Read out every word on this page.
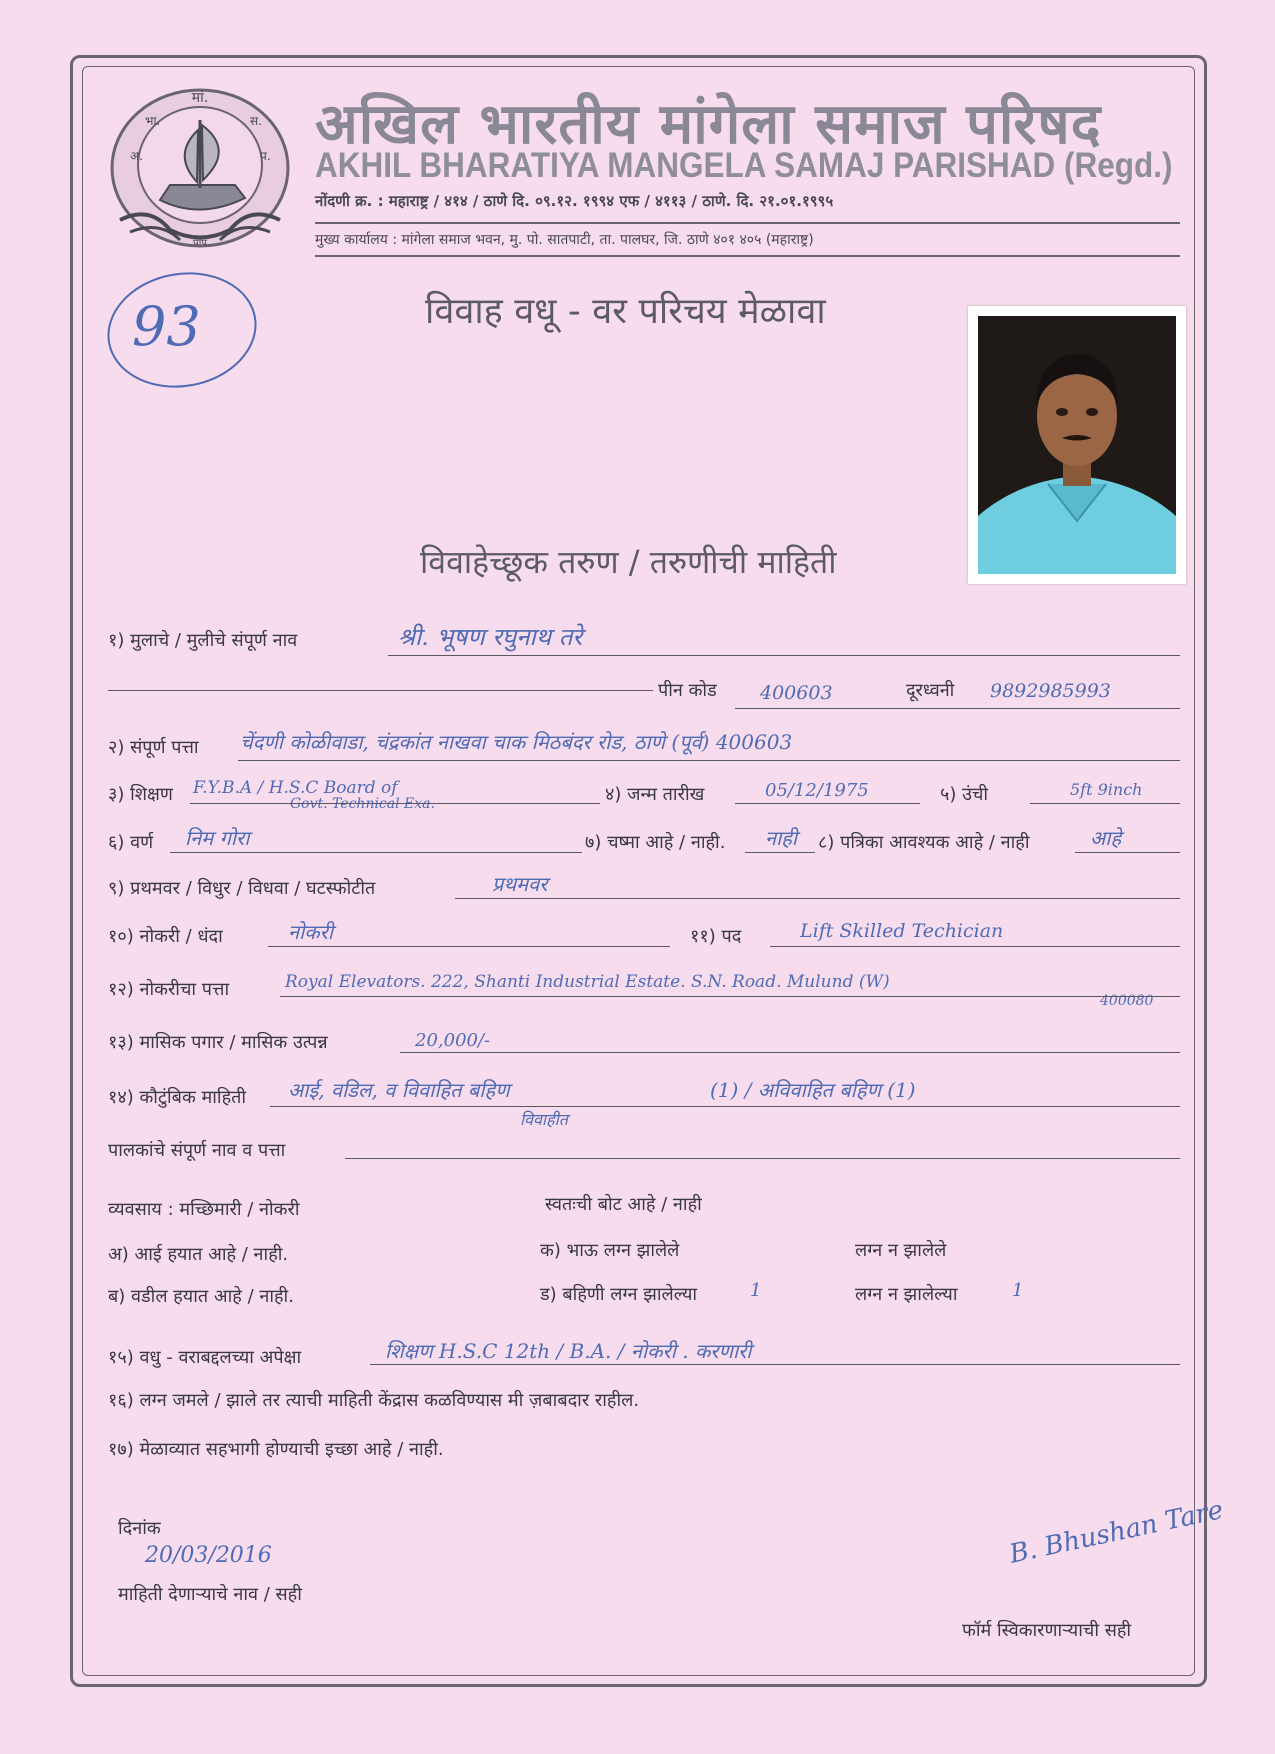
मां.
अ.
भा.	स.
प.
पाप
अखिल भारतीय मांगेला समाज परिषद
AKHIL BHARATIYA MANGELA SAMAJ PARISHAD (Regd.)
नोंदणी क्र. : महाराष्ट्र / ४१४ / ठाणे दि. ०९.१२. १९९४ एफ / ४११३ / ठाणे. दि. २१.०१.१९९५
मुख्य कार्यालय : मांगेला समाज भवन, मु. पो. सातपाटी, ता. पालघर, जि. ठाणे ४०१ ४०५ (महाराष्ट्र)
93	विवाह वधू - वर परिचय मेळावा
विवाहेच्छूक तरुण / तरुणीची माहिती
१) मुलाचे / मुलीचे संपूर्ण नाव	श्री. भूषण रघुनाथ तरे
पीन कोड 400603	दूरध्वनी 9892985993
२) संपूर्ण पत्ता चेंदणी कोळीवाडा, चंद्रकांत नाखवा चाक मिठबंदर रोड, ठाणे (पूर्व) 400603
३) शिक्षण F.Y.B.A / H.S.C Board of
Govt. Technical Exa.	४) जन्म तारीख	05/12/1975	५) उंची	5ft 9inch
६) वर्ण निम गोरा	७) चष्मा आहे / नाही. नाही ८) पत्रिका आवश्यक आहे / नाही	आहे
९) प्रथमवर / विधुर / विधवा / घटस्फोटीत	प्रथमवर
१०) नोकरी / धंदा	नोकरी	११) पद	Lift Skilled Techician
१२) नोकरीचा पत्ता	Royal Elevators. 222, Shanti Industrial Estate. S.N. Road. Mulund (W)
400080
१३) मासिक पगार / मासिक उत्पन्न	20,000/-
१४) कौटुंबिक माहिती आई, वडिल, व विवाहित बहिण	(1) / अविवाहित बहिण (1)
विवाहीत
पालकांचे संपूर्ण नाव व पत्ता
व्यवसाय : मच्छिमारी / नोकरी	स्वतःची बोट आहे / नाही
अ) आई हयात आहे / नाही.	क) भाऊ लग्न झालेले	लग्न न झालेले
ब) वडील हयात आहे / नाही.	ड) बहिणी लग्न झालेल्या	1	लग्न न झालेल्या	1
१५) वधु - वराबद्दलच्या अपेक्षा	शिक्षण H.S.C 12th / B.A. / नोकरी . करणारी
१६) लग्न जमले / झाले तर त्याची माहिती केंद्रास कळविण्यास मी ज़बाबदार राहील.
१७) मेळाव्यात सहभागी होण्याची इच्छा आहे / नाही.
दिनांक
20/03/2016
माहिती देणाऱ्याचे नाव / सही
B. Bhushan Tare
फॉर्म स्विकारणाऱ्याची सही
